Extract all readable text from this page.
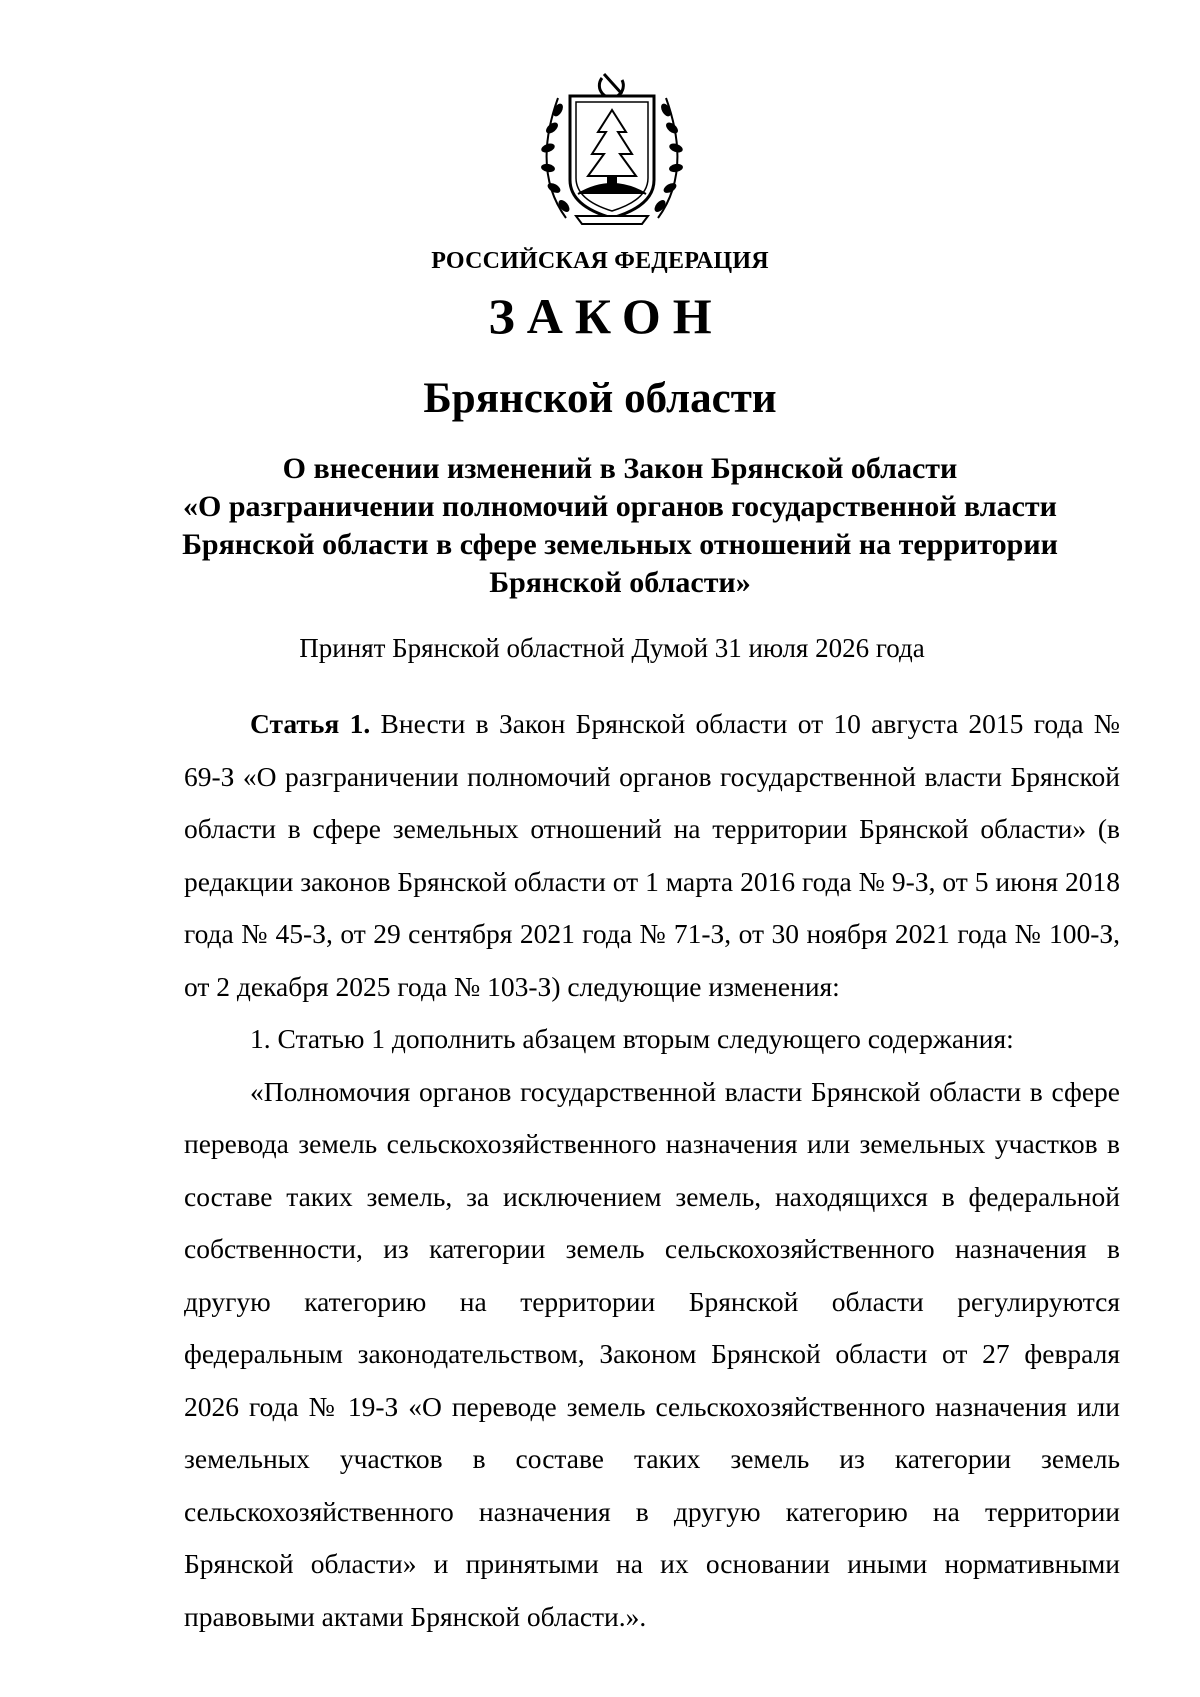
РОССИЙСКАЯ ФЕДЕРАЦИЯ
ЗАКОН
Брянской области
О внесении изменений в Закон Брянской области
«О разграничении полномочий органов государственной власти
Брянской области в сфере земельных отношений на территории
Брянской области»
Принят Брянской областной Думой 31 июля 2026 года

Статья 1. Внести в Закон Брянской области от 10 августа 2015 года № 69-З «О разграничении полномочий органов государственной власти Брянской области в сфере земельных отношений на территории Брянской области» (в редакции законов Брянской области от 1 марта 2016 года № 9-З, от 5 июня 2018 года № 45-З, от 29 сентября 2021 года № 71-З, от 30 ноября 2021 года № 100-З, от 2 декабря 2025 года № 103-З) следующие изменения:

1. Статью 1 дополнить абзацем вторым следующего содержания:

«Полномочия органов государственной власти Брянской области в сфере перевода земель сельскохозяйственного назначения или земельных участков в составе таких земель, за исключением земель, находящихся в федеральной собственности, из категории земель сельскохозяйственного назначения в другую категорию на территории Брянской области регулируются федеральным законодательством, Законом Брянской области от 27 февраля 2026 года № 19-З «О переводе земель сельскохозяйственного назначения или земельных участков в составе таких земель из категории земель сельскохозяйственного назначения в другую категорию на территории Брянской области» и принятыми на их основании иными нормативными правовыми актами Брянской области.».
